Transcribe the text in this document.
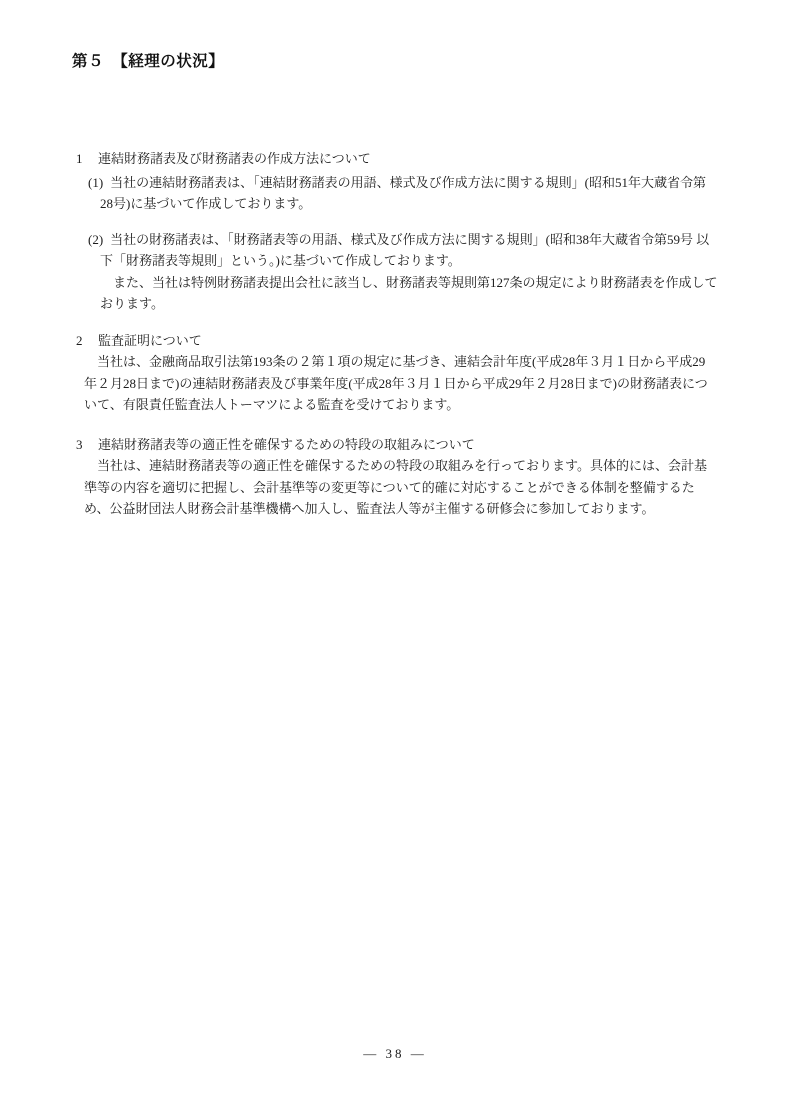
第５　【経理の状況】

1 連結財務諸表及び財務諸表の作成方法について

(1) 当社の連結財務諸表は、「連結財務諸表の用語、様式及び作成方法に関する規則」(昭和51年大蔵省令第28号)に基づいて作成しております。

(2) 当社の財務諸表は、「財務諸表等の用語、様式及び作成方法に関する規則」(昭和38年大蔵省令第59号 以下「財務諸表等規則」という。)に基づいて作成しております。

また、当社は特例財務諸表提出会社に該当し、財務諸表等規則第127条の規定により財務諸表を作成しております。

2 監査証明について

当社は、金融商品取引法第193条の２第１項の規定に基づき、連結会計年度(平成28年３月１日から平成29年２月28日まで)の連結財務諸表及び事業年度(平成28年３月１日から平成29年２月28日まで)の財務諸表について、有限責任監査法人トーマツによる監査を受けております。

3 連結財務諸表等の適正性を確保するための特段の取組みについて

当社は、連結財務諸表等の適正性を確保するための特段の取組みを行っております。具体的には、会計基準等の内容を適切に把握し、会計基準等の変更等について的確に対応することができる体制を整備するため、公益財団法人財務会計基準機構へ加入し、監査法人等が主催する研修会に参加しております。

― 38 ―
